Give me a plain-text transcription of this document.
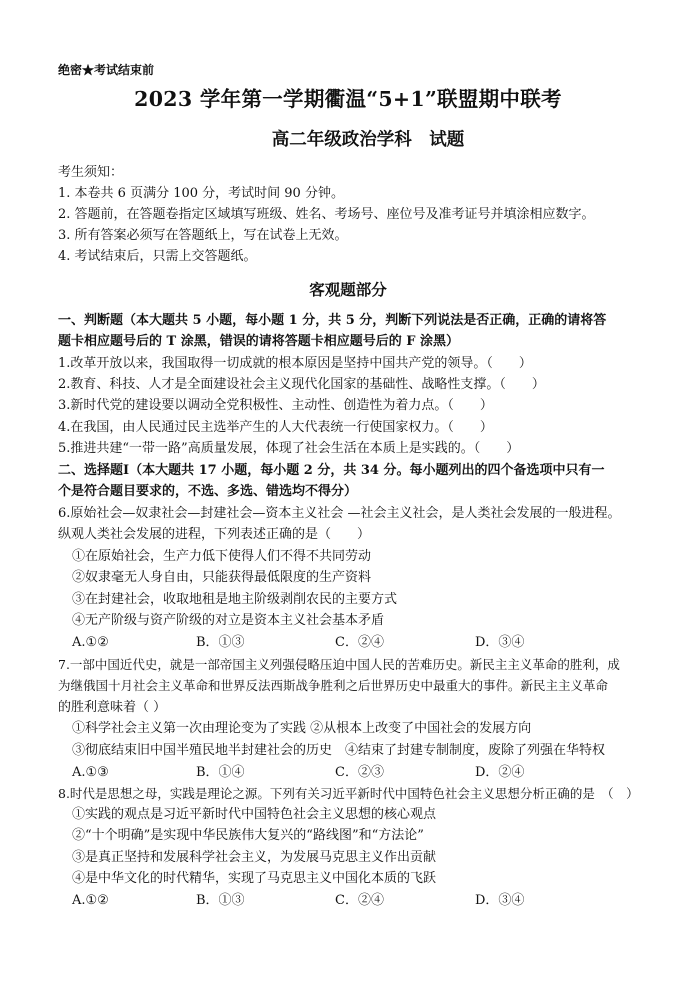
绝密★考试结束前
2023 学年第一学期衢温“5+1”联盟期中联考
高二年级政治学科　试题
考生须知：
1. 本卷共 6 页满分 100 分，考试时间 90 分钟。
2. 答题前，在答题卷指定区域填写班级、姓名、考场号、座位号及准考证号并填涂相应数字。
3. 所有答案必须写在答题纸上，写在试卷上无效。
4. 考试结束后，只需上交答题纸。
客观题部分
一、判断题（本大题共 5 小题，每小题 1 分，共 5 分，判断下列说法是否正确，正确的请将答
题卡相应题号后的 T 涂黑，错误的请将答题卡相应题号后的 F 涂黑）
1.改革开放以来，我国取得一切成就的根本原因是坚持中国共产党的领导。（　　）
2.教育、科技、人才是全面建设社会主义现代化国家的基础性、战略性支撑。（　　）
3.新时代党的建设要以调动全党积极性、主动性、创造性为着力点。（　　）
4.在我国，由人民通过民主选举产生的人大代表统一行使国家权力。（　　）
5.推进共建“一带一路”高质量发展，体现了社会生活在本质上是实践的。（　　）
二、选择题Ⅰ（本大题共 17 小题，每小题 2 分，共 34 分。每小题列出的四个备选项中只有一
个是符合题目要求的，不选、多选、错选均不得分）
6.原始社会—奴隶社会—封建社会—资本主义社会 —社会主义社会，是人类社会发展的一般进程。
纵观人类社会发展的进程，下列表述正确的是（　　）
①在原始社会，生产力低下使得人们不得不共同劳动
②奴隶毫无人身自由，只能获得最低限度的生产资料
③在封建社会，收取地租是地主阶级剥削农民的主要方式
④无产阶级与资产阶级的对立是资本主义社会基本矛盾
A.①②	B．①③	C．②④	D．③④
7.一部中国近代史，就是一部帝国主义列强侵略压迫中国人民的苦难历史。新民主主义革命的胜利，成
为继俄国十月社会主义革命和世界反法西斯战争胜利之后世界历史中最重大的事件。新民主主义革命
的胜利意味着（ ）
①科学社会主义第一次由理论变为了实践 ②从根本上改变了中国社会的发展方向
③彻底结束旧中国半殖民地半封建社会的历史　④结束了封建专制制度，废除了列强在华特权
A.①③	B．①④	C．②③	D．②④
8.时代是思想之母，实践是理论之源。下列有关习近平新时代中国特色社会主义思想分析正确的是　（　）
①实践的观点是习近平新时代中国特色社会主义思想的核心观点
②“十个明确”是实现中华民族伟大复兴的“路线图”和“方法论”
③是真正坚持和发展科学社会主义，为发展马克思主义作出贡献
④是中华文化的时代精华，实现了马克思主义中国化本质的飞跃
A.①②	B．①③	C．②④	D．③④
